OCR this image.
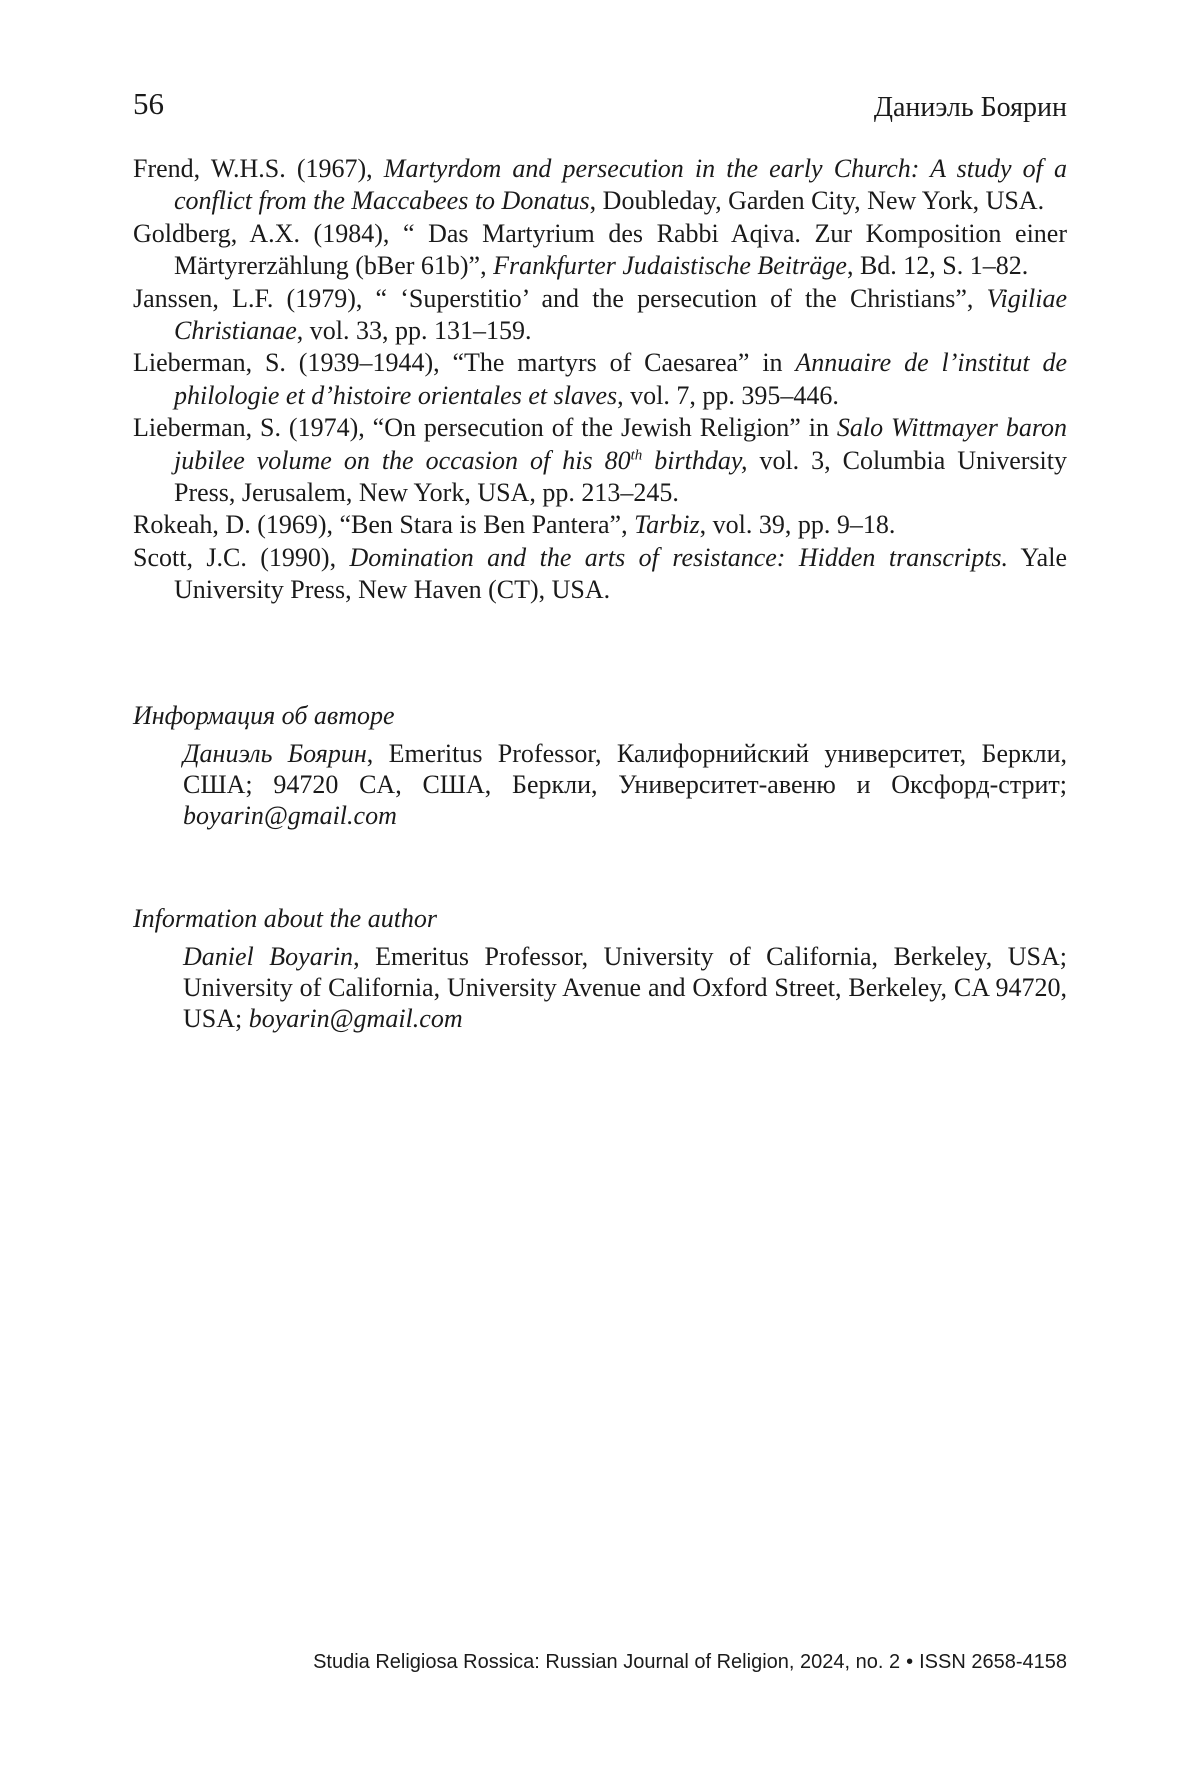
56	Даниэль Боярин
Frend, W.H.S. (1967), Martyrdom and persecution in the early Church: A study of a conflict from the Maccabees to Donatus, Doubleday, Garden City, New York, USA.
Goldberg, A.X. (1984), “ Das Martyrium des Rabbi Aqiva. Zur Komposition einer Märtyrerzählung (bBer 61b)”, Frankfurter Judaistische Beiträge, Bd. 12, S. 1–82.
Janssen, L.F. (1979), “ ‘Superstitio’ and the persecution of the Christians”, Vigiliae Christianae, vol. 33, pp. 131–159.
Lieberman, S. (1939–1944), “The martyrs of Caesarea” in Annuaire de l’institut de philologie et d’histoire orientales et slaves, vol. 7, pp. 395–446.
Lieberman, S. (1974), “On persecution of the Jewish Religion” in Salo Wittmayer baron jubilee volume on the occasion of his 80th birthday, vol. 3, Columbia University Press, Jerusalem, New York, USA, pp. 213–245.
Rokeah, D. (1969), “Ben Stara is Ben Pantera”, Tarbiz, vol. 39, pp. 9–18.
Scott, J.C. (1990), Domination and the arts of resistance: Hidden transcripts. Yale University Press, New Haven (CT), USA.

Информация об авторе

Даниэль Боярин, Emeritus Professor, Калифорнийский университет, Беркли, США; 94720 CA, США, Беркли, Университет-авеню и Оксфорд-стрит; boyarin@gmail.com

Information about the author

Daniel Boyarin, Emeritus Professor, University of California, Berkeley, USA; University of California, University Avenue and Oxford Street, Berkeley, CA 94720, USA; boyarin@gmail.com

Studia Religiosa Rossica: Russian Journal of Religion, 2024, no. 2 • ISSN 2658-4158
